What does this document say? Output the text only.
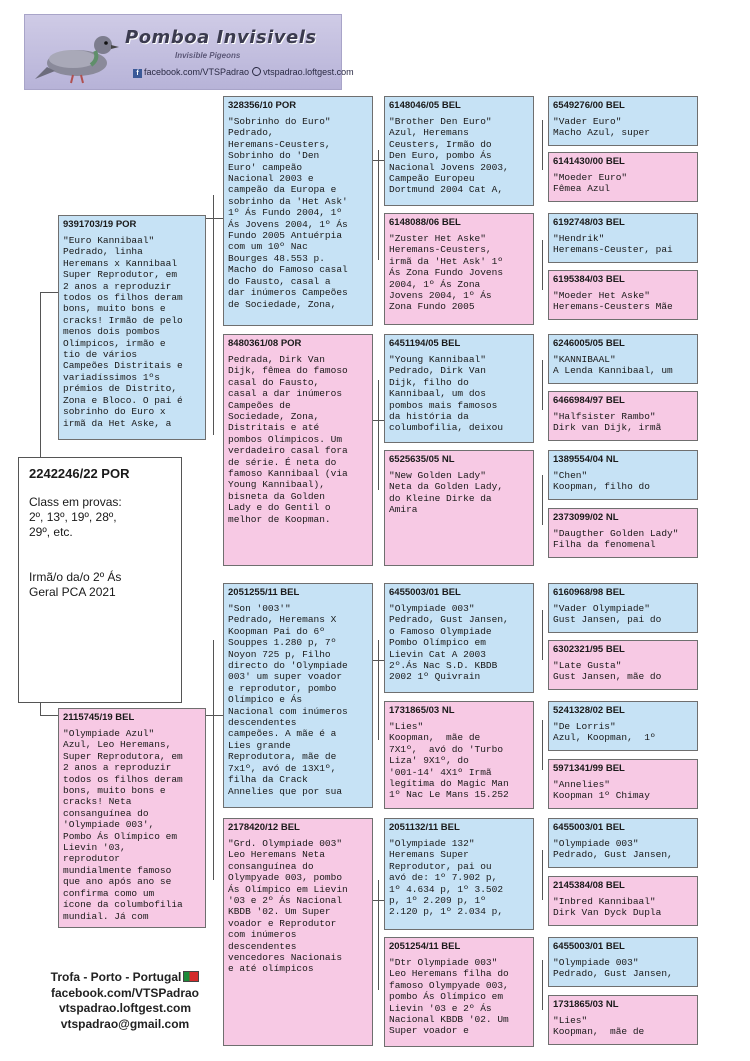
Pomboa Invisivels
Invisible Pigeons
f facebook.com/VTSPadrao vtspadrao.loftgest.com
9391703/19 POR
"Euro Kannibaal"
Pedrado, linha
Heremans x Kannibaal
Super Reprodutor, em
2 anos a reproduzir
todos os filhos deram
bons, muito bons e
cracks! Irmão de pelo
menos dois pombos
Olímpicos, irmão e
tio de vários
Campeões Distritais e
variadíssimos 1ºs
prémios de Distrito,
Zona e Bloco. O pai é
sobrinho do Euro x
irmã da Het Aske, a
2115745/19 BEL
"Olympiade Azul"
Azul, Leo Heremans,
Super Reprodutora, em
2 anos a reproduzir
todos os filhos deram
bons, muito bons e
cracks! Neta
consanguínea do
'Olympiade 003',
Pombo Ás Olímpico em
Lievin '03,
reprodutor
mundialmente famoso
que ano após ano se
confirma como um
ícone da columbofilia
mundial. Já com
328356/10 POR
"Sobrinho do Euro"
Pedrado,
Heremans-Ceusters,
Sobrinho do 'Den
Euro' campeão
Nacional 2003 e
campeão da Europa e
sobrinho da 'Het Ask'
1º Ás Fundo 2004, 1º
Ás Jovens 2004, 1º Ás
Fundo 2005 Antuérpia
com um 10º Nac
Bourges 48.553 p.
Macho do Famoso casal
do Fausto, casal a
dar inúmeros Campeões
de Sociedade, Zona,
8480361/08 POR
Pedrada, Dirk Van
Dijk, fêmea do famoso
casal do Fausto,
casal a dar inúmeros
Campeões de
Sociedade, Zona,
Distritais e até
pombos Olímpicos. Um
verdadeiro casal fora
de série. É neta do
famoso Kannibaal (via
Young Kannibaal),
bisneta da Golden
Lady e do Gentil o
melhor de Koopman.
2051255/11 BEL
"Son '003'"
Pedrado, Heremans X
Koopman Pai do 6º
Souppes 1.280 p, 7º
Noyon 725 p, Filho
directo do 'Olympiade
003' um super voador
e reprodutor, pombo
Olímpico e Ás
Nacional com inúmeros
descendentes
campeões. A mãe é a
Lies grande
Reprodutora, mãe de
7x1º, avó de 13X1º,
filha da Crack
Annelies que por sua
2178420/12 BEL
"Grd. Olympiade 003"
Leo Heremans Neta
consanguínea do
Olympyade 003, pombo
Ás Olímpico em Lievin
'03 e 2º Ás Nacional
KBDB '02. Um Super
voador e Reprodutor
com inúmeros
descendentes
vencedores Nacionais
e até olímpicos
6148046/05 BEL
"Brother Den Euro"
Azul, Heremans
Ceusters, Irmão do
Den Euro, pombo Ás
Nacional Jovens 2003,
Campeão Europeu
Dortmund 2004 Cat A,
6148088/06 BEL
"Zuster Het Aske"
Heremans-Ceusters,
irmã da 'Het Ask' 1º
Ás Zona Fundo Jovens
2004, 1º Ás Zona
Jovens 2004, 1º Ás
Zona Fundo 2005
6451194/05 BEL
"Young Kannibaal"
Pedrado, Dirk Van
Dijk, filho do
Kannibaal, um dos
pombos mais famosos
da história da
columbofilia, deixou
6525635/05 NL
"New Golden Lady"
Neta da Golden Lady,
do Kleine Dirke da
Amira
6455003/01 BEL
"Olympiade 003"
Pedrado, Gust Jansen,
o Famoso Olympiade
Pombo Olímpico em
Lievin Cat A 2003
2º.Ás Nac S.D. KBDB
2002 1º Quivrain
1731865/03 NL
"Lies"
Koopman,  mãe de
7X1º,  avó do 'Turbo
Liza' 9X1º, do
'001-14' 4X1º Irmã
legítima do Magic Man
1º Nac Le Mans 15.252
2051132/11 BEL
"Olympiade 132"
Heremans Super
Reprodutor, pai ou
avó de: 1º 7.902 p,
1º 4.634 p, 1º 3.502
p, 1º 2.209 p, 1º
2.120 p, 1º 2.034 p,
2051254/11 BEL
"Dtr Olympiade 003"
Leo Heremans filha do
famoso Olympyade 003,
pombo Ás Olímpico em
Lievin '03 e 2º Ás
Nacional KBDB '02. Um
Super voador e
6549276/00 BEL
"Vader Euro"
Macho Azul, super
6141430/00 BEL
"Moeder Euro"
Fêmea Azul
6192748/03 BEL
"Hendrik"
Heremans-Ceuster, pai
6195384/03 BEL
"Moeder Het Aske"
Heremans-Ceusters Mãe
6246005/05 BEL
"KANNIBAAL"
A Lenda Kannibaal, um
6466984/97 BEL
"Halfsister Rambo"
Dirk van Dijk, irmã
1389554/04 NL
"Chen"
Koopman, filho do
2373099/02 NL
"Daugther Golden Lady"
Filha da fenomenal
6160968/98 BEL
"Vader Olympiade"
Gust Jansen, pai do
6302321/95 BEL
"Late Gusta"
Gust Jansen, mãe do
5241328/02 BEL
"De Lorris"
Azul, Koopman,  1º
5971341/99 BEL
"Annelies"
Koopman 1º Chimay
6455003/01 BEL
"Olympiade 003"
Pedrado, Gust Jansen,
2145384/08 BEL
"Inbred Kannibaal"
Dirk Van Dyck Dupla
6455003/01 BEL
"Olympiade 003"
Pedrado, Gust Jansen,
1731865/03 NL
"Lies"
Koopman,  mãe de
2242246/22 POR
Class em provas:
2º, 13º, 19º, 28º,
29º, etc.
Irmã/o da/o 2º Ás
Geral PCA 2021
Trofa - Porto - Portugal
facebook.com/VTSPadrao
vtspadrao.loftgest.com
vtspadrao@gmail.com
